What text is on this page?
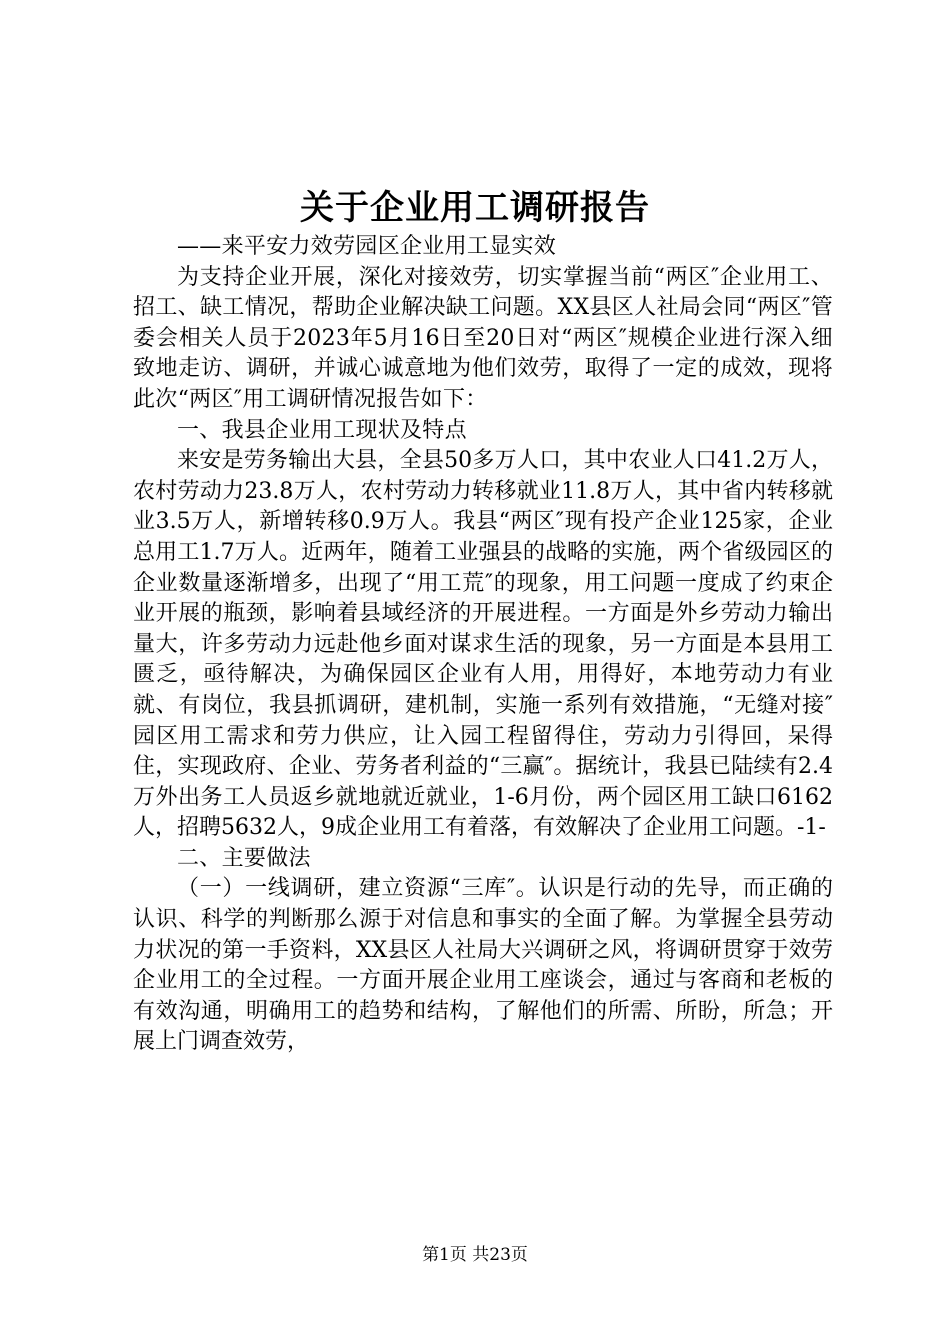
关于企业用工调研报告

——来平安力效劳园区企业用工显实效

为支持企业开展，深化对接效劳，切实掌握当前“两区″企业用工、招工、缺工情况，帮助企业解决缺工问题。XX县区人社局会同“两区″管委会相关人员于2023年5月16日至20日对“两区″规模企业进行深入细致地走访、调研，并诚心诚意地为他们效劳，取得了一定的成效，现将此次“两区″用工调研情况报告如下：

一、我县企业用工现状及特点

来安是劳务输出大县，全县50多万人口，其中农业人口41.2万人，农村劳动力23.8万人，农村劳动力转移就业11.8万人，其中省内转移就业3.5万人，新增转移0.9万人。我县“两区″现有投产企业125家，企业总用工1.7万人。近两年，随着工业强县的战略的实施，两个省级园区的企业数量逐渐增多，出现了“用工荒″的现象，用工问题一度成了约束企业开展的瓶颈，影响着县域经济的开展进程。一方面是外乡劳动力输出量大，许多劳动力远赴他乡面对谋求生活的现象，另一方面是本县用工匮乏，亟待解决，为确保园区企业有人用，用得好，本地劳动力有业就、有岗位，我县抓调研，建机制，实施一系列有效措施，“无缝对接″园区用工需求和劳力供应，让入园工程留得住，劳动力引得回，呆得住，实现政府、企业、劳务者利益的“三赢″。据统计，我县已陆续有2.4万外出务工人员返乡就地就近就业，1-6月份，两个园区用工缺口6162人，招聘5632人，9成企业用工有着落，有效解决了企业用工问题。-1-

二、主要做法

（一）一线调研，建立资源“三库″。认识是行动的先导，而正确的认识、科学的判断那么源于对信息和事实的全面了解。为掌握全县劳动力状况的第一手资料，XX县区人社局大兴调研之风，将调研贯穿于效劳企业用工的全过程。一方面开展企业用工座谈会，通过与客商和老板的有效沟通，明确用工的趋势和结构，了解他们的所需、所盼，所急；开展上门调查效劳，

第1页 共23页
